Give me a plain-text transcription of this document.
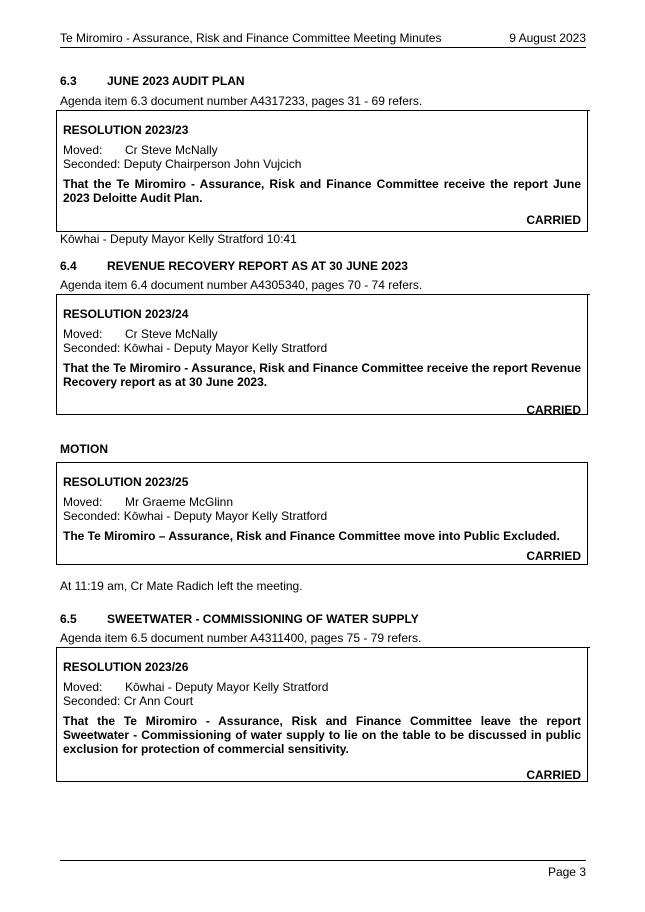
Te Miromiro - Assurance, Risk and Finance Committee Meeting Minutes	9 August 2023
6.3	JUNE 2023 AUDIT PLAN
Agenda item 6.3 document number A4317233, pages 31 - 69 refers.
RESOLUTION 2023/23
Moved: Cr Steve McNally
Seconded: Deputy Chairperson John Vujcich
That the Te Miromiro - Assurance, Risk and Finance Committee receive the report June 2023 Deloitte Audit Plan.
CARRIED
Kōwhai - Deputy Mayor Kelly Stratford 10:41
6.4	REVENUE RECOVERY REPORT AS AT 30 JUNE 2023
Agenda item 6.4 document number A4305340, pages 70 - 74 refers.
RESOLUTION 2023/24
Moved: Cr Steve McNally
Seconded: Kōwhai - Deputy Mayor Kelly Stratford
That the Te Miromiro - Assurance, Risk and Finance Committee receive the report Revenue Recovery report as at 30 June 2023.
CARRIED
MOTION
RESOLUTION 2023/25
Moved: Mr Graeme McGlinn
Seconded: Kōwhai - Deputy Mayor Kelly Stratford
The Te Miromiro – Assurance, Risk and Finance Committee move into Public Excluded.
CARRIED
At 11:19 am, Cr Mate Radich left the meeting.
6.5	SWEETWATER - COMMISSIONING OF WATER SUPPLY
Agenda item 6.5 document number A4311400, pages 75 - 79 refers.
RESOLUTION 2023/26
Moved: Kōwhai - Deputy Mayor Kelly Stratford
Seconded: Cr Ann Court
That the Te Miromiro - Assurance, Risk and Finance Committee leave the report Sweetwater - Commissioning of water supply to lie on the table to be discussed in public exclusion for protection of commercial sensitivity.
CARRIED
Page 3
